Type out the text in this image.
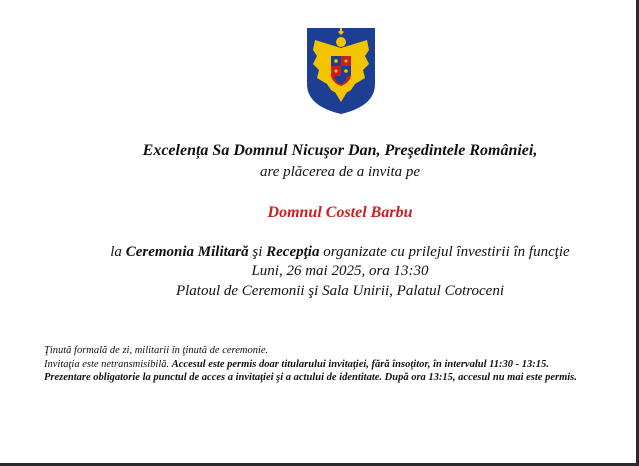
Excelența Sa Domnul Nicuşor Dan, Preşedintele României,
are plăcerea de a invita pe
Domnul Costel Barbu
la Ceremonia Militară şi Recepţia organizate cu prilejul învestirii în funcţie
Luni, 26 mai 2025, ora 13:30
Platoul de Ceremonii şi Sala Unirii, Palatul Cotroceni
Ţinută formală de zi, militarii în ţinută de ceremonie.
Invitaţia este netransmisibilă. Accesul este permis doar titularului invitaţiei, fără însoţitor, în intervalul 11:30 - 13:15.
Prezentare obligatorie la punctul de acces a invitaţiei şi a actului de identitate. După ora 13:15, accesul nu mai este permis.
